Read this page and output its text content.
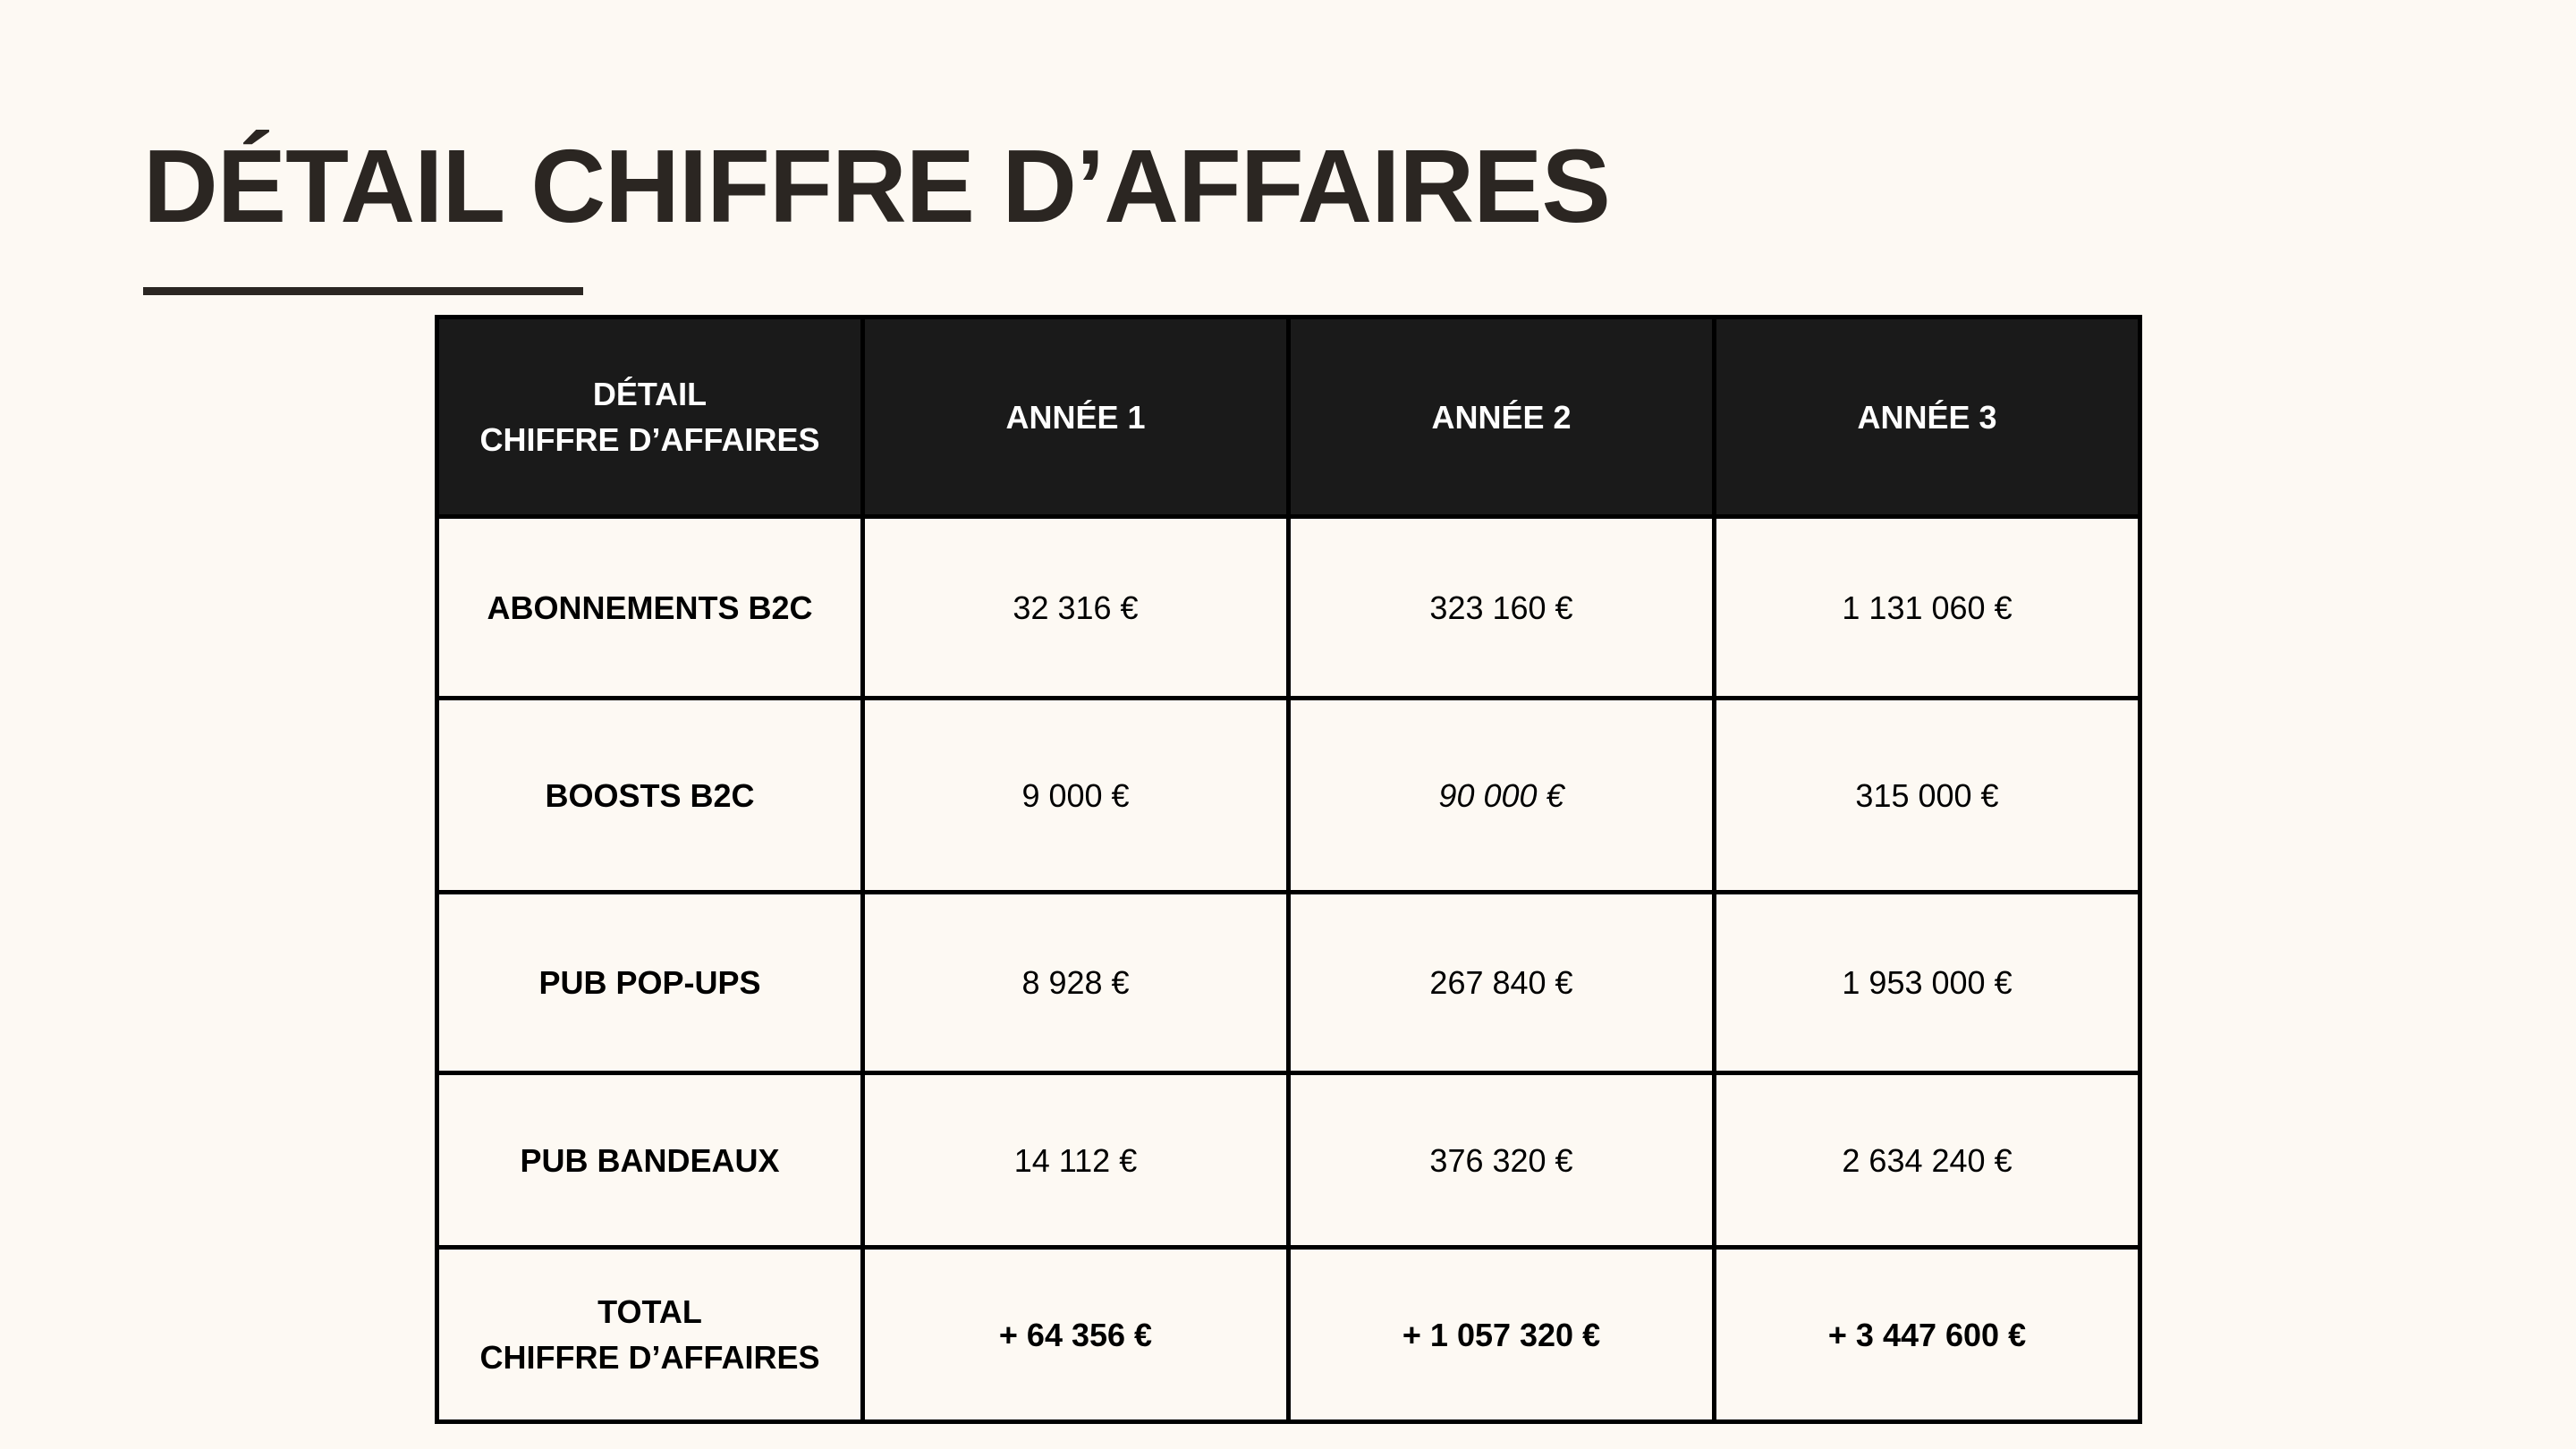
DÉTAIL CHIFFRE D’AFFAIRES
DÉTAIL
CHIFFRE D’AFFAIRES	ANNÉE 1	ANNÉE 2	ANNÉE 3
ABONNEMENTS B2C	32 316 €	323 160 €	1 131 060 €
BOOSTS B2C	9 000 €	90 000 €	315 000 €
PUB POP-UPS	8 928 €	267 840 €	1 953 000 €
PUB BANDEAUX	14 112 €	376 320 €	2 634 240 €

TOTAL
CHIFFRE D’AFFAIRES	+ 64 356 €	+ 1 057 320 €	+ 3 447 600 €
